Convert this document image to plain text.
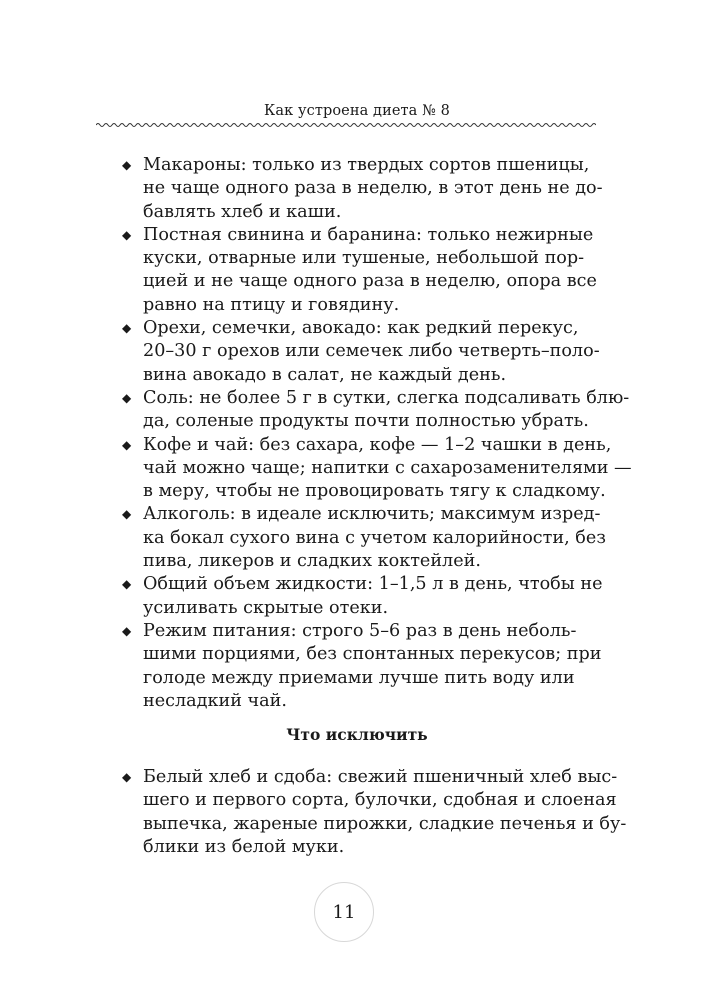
Как устроена диета № 8
◆ Макароны: только из твердых сортов пшеницы,
не чаще одного раза в неделю, в этот день не до-
бавлять хлеб и каши.
◆ Постная свинина и баранина: только нежирные
куски, отварные или тушеные, небольшой пор-
цией и не чаще одного раза в неделю, опора все
равно на птицу и говядину.
◆ Орехи, семечки, авокадо: как редкий перекус,
20–30 г орехов или семечек либо четверть–поло-
вина авокадо в салат, не каждый день.
◆ Соль: не более 5 г в сутки, слегка подсаливать блю-
да, соленые продукты почти полностью убрать.
◆ Кофе и чай: без сахара, кофе — 1–2 чашки в день,
чай можно чаще; напитки с сахарозаменителями —
в меру, чтобы не провоцировать тягу к сладкому.
◆ Алкоголь: в идеале исключить; максимум изред-
ка бокал сухого вина с учетом калорийности, без
пива, ликеров и сладких коктейлей.
◆ Общий объем жидкости: 1–1,5 л в день, чтобы не
усиливать скрытые отеки.
◆ Режим питания: строго 5–6 раз в день неболь-
шими порциями, без спонтанных перекусов; при
голоде между приемами лучше пить воду или
несладкий чай.
Что исключить
◆ Белый хлеб и сдоба: свежий пшеничный хлеб выс-
шего и первого сорта, булочки, сдобная и слоеная
выпечка, жареные пирожки, сладкие печенья и бу-
блики из белой муки.
11
